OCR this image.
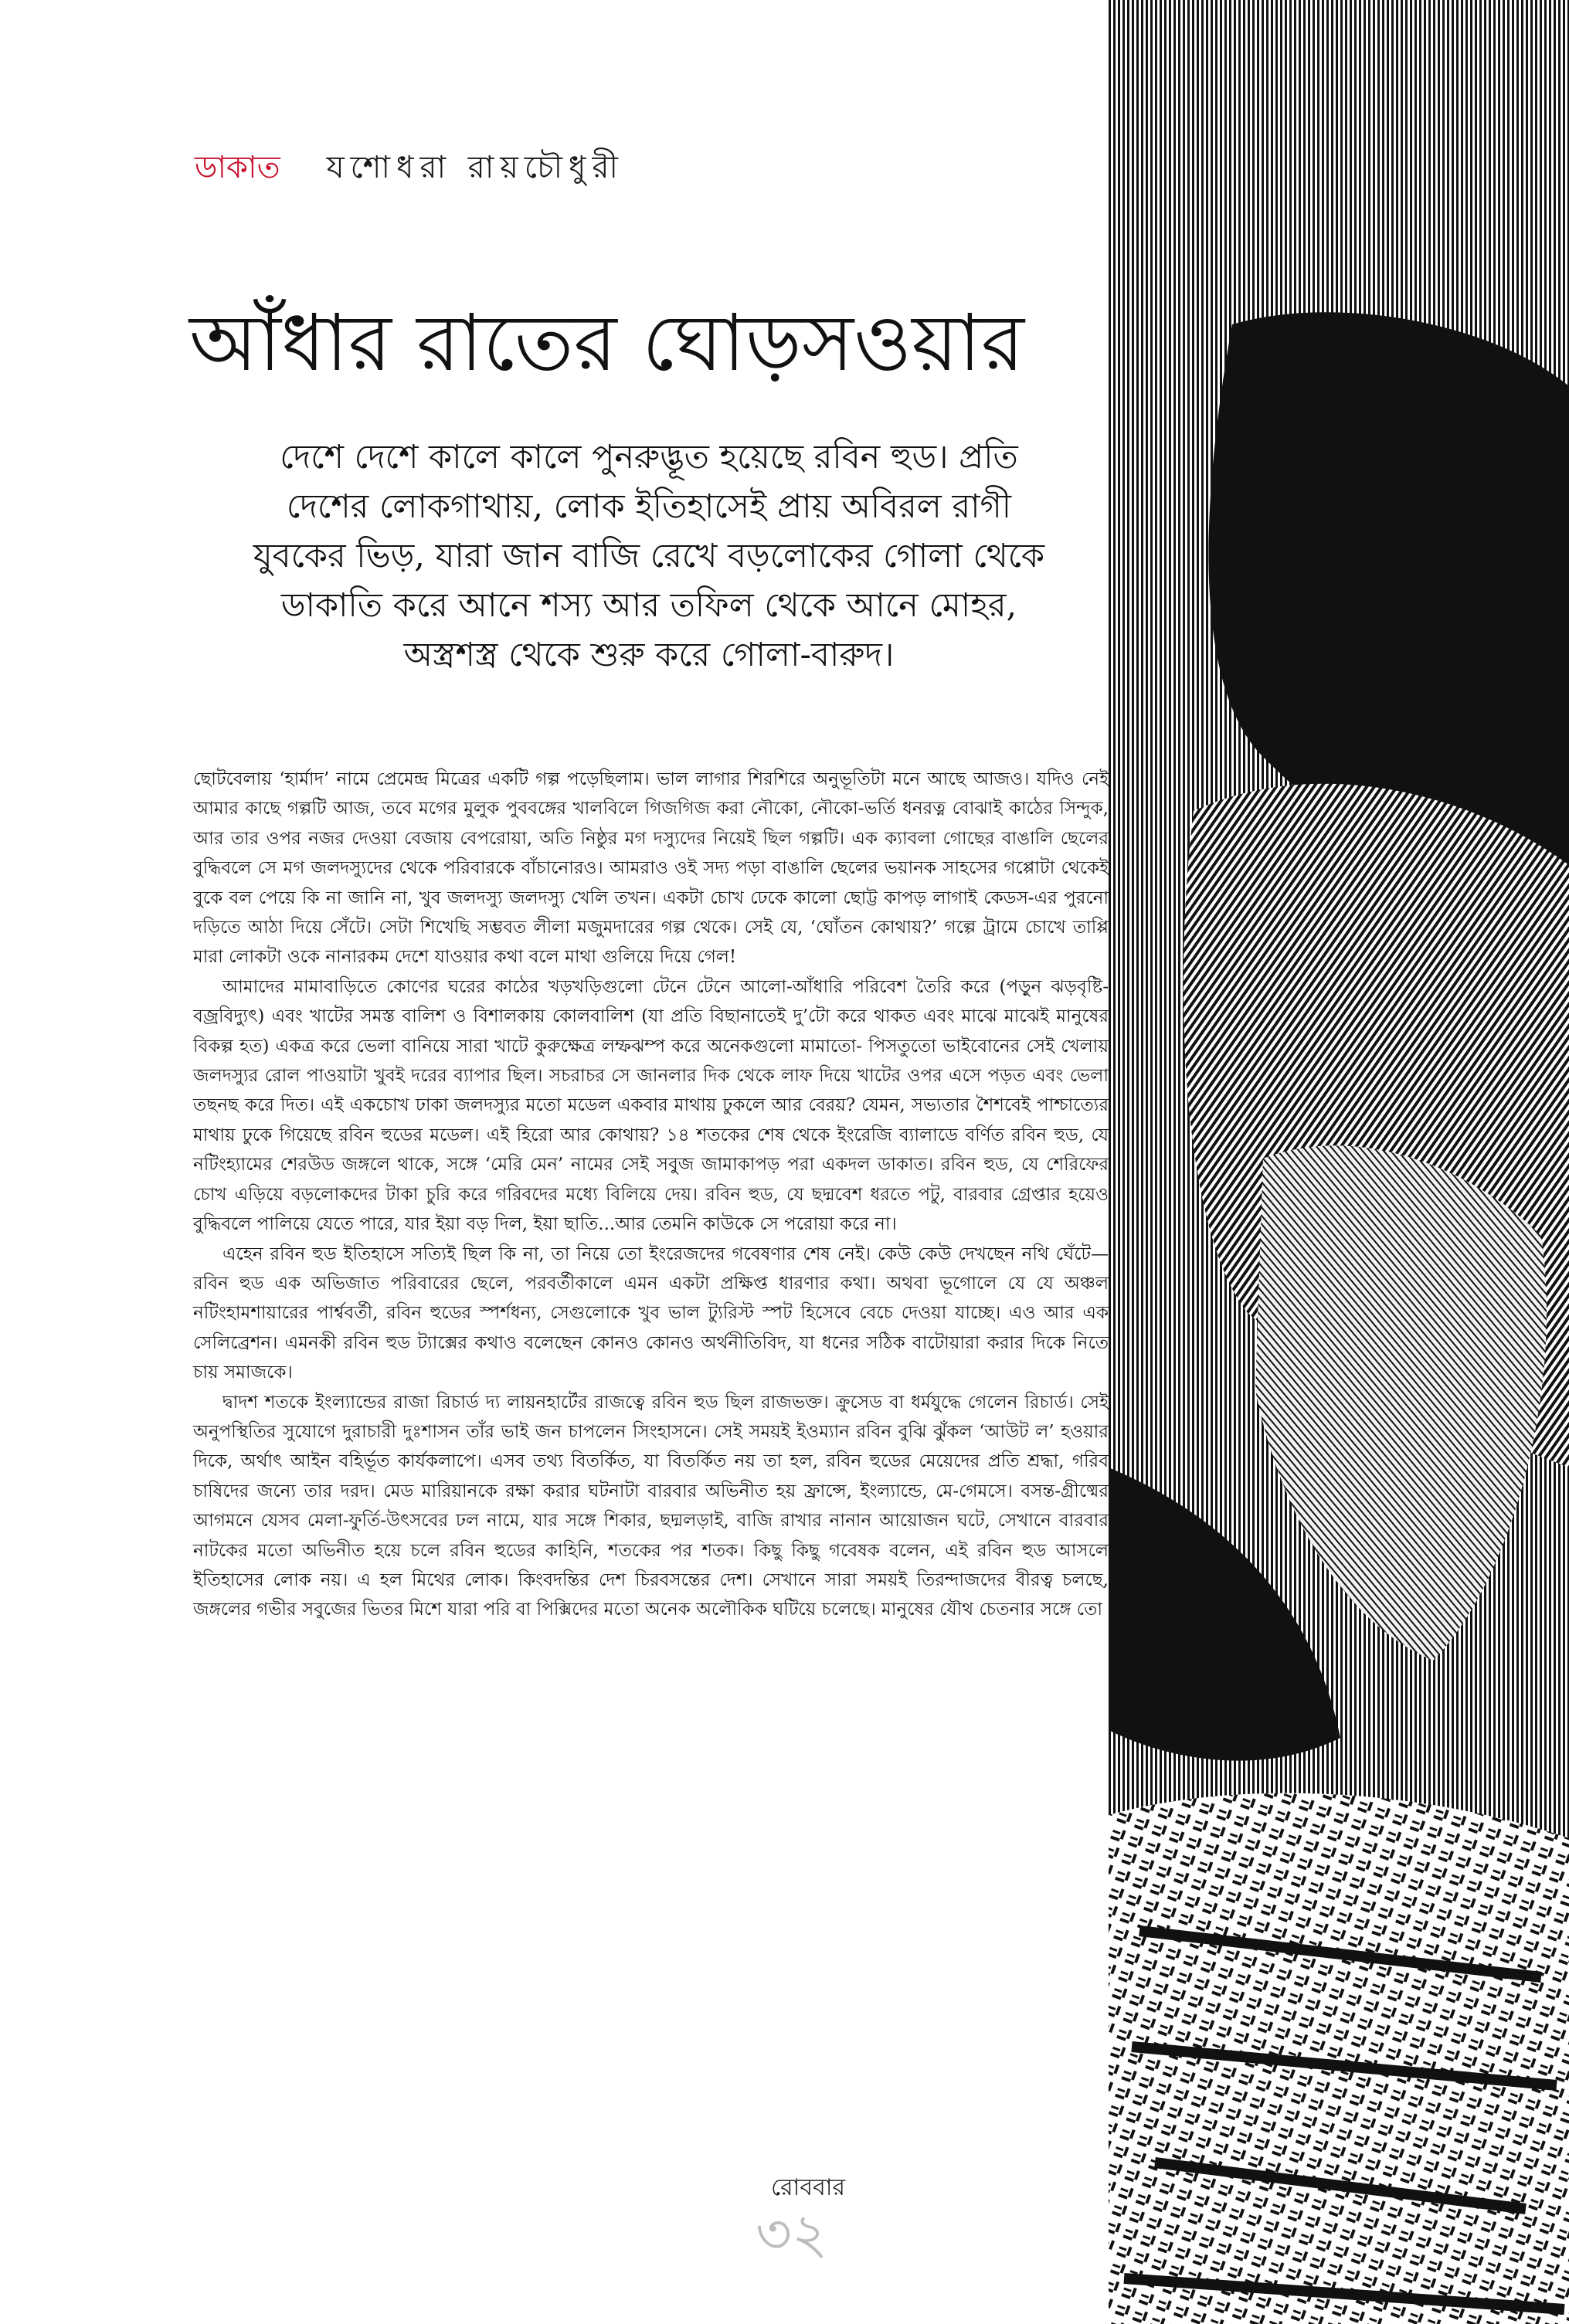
ডাকাত যশোধরা রায়চৌধুরী
আঁধার রাতের ঘোড়সওয়ার
দেশে দেশে কালে কালে পুনরুদ্ভূত হয়েছে রবিন হুড। প্রতি
দেশের লোকগাথায়, লোক ইতিহাসেই প্রায় অবিরল রাগী
যুবকের ভিড়, যারা জান বাজি রেখে বড়লোকের গোলা থেকে
ডাকাতি করে আনে শস্য আর তফিল থেকে আনে মোহর,
অস্ত্রশস্ত্র থেকে শুরু করে গোলা-বারুদ।

ছোটবেলায় ‘হার্মাদ’ নামে প্রেমেন্দ্র মিত্রের একটি গল্প পড়েছিলাম। ভাল লাগার শিরশিরে অনুভূতিটা মনে আছে আজও। যদিও নেই আমার কাছে গল্পটি আজ, তবে মগের মুলুক পুববঙ্গের খালবিলে গিজগিজ করা নৌকো, নৌকো-ভর্তি ধনরত্ন বোঝাই কাঠের সিন্দুক, আর তার ওপর নজর দেওয়া বেজায় বেপরোয়া, অতি নিষ্ঠুর মগ দস্যুদের নিয়েই ছিল গল্পটি। এক ক্যাবলা গোছের বাঙালি ছেলের বুদ্ধিবলে সে মগ জলদস্যুদের থেকে পরিবারকে বাঁচানোরও। আমরাও ওই সদ্য পড়া বাঙালি ছেলের ভয়ানক সাহসের গপ্পোটা থেকেই বুকে বল পেয়ে কি না জানি না, খুব জলদস্যু জলদস্যু খেলি তখন। একটা চোখ ঢেকে কালো ছোট্ট কাপড় লাগাই কেডস-এর পুরনো দড়িতে আঠা দিয়ে সেঁটে। সেটা শিখেছি সম্ভবত লীলা মজুমদারের গল্প থেকে। সেই যে, ‘ঘোঁতন কোথায়?’ গল্পে ট্রামে চোখে তাপ্পি মারা লোকটা ওকে নানারকম দেশে যাওয়ার কথা বলে মাথা গুলিয়ে দিয়ে গেল!

আমাদের মামাবাড়িতে কোণের ঘরের কাঠের খড়খড়িগুলো টেনে টেনে আলো-আঁধারি পরিবেশ তৈরি করে (পড়ুন ঝড়বৃষ্টি-বজ্রবিদ্যুৎ) এবং খাটের সমস্ত বালিশ ও বিশালকায় কোলবালিশ (যা প্রতি বিছানাতেই দু’টো করে থাকত এবং মাঝে মাঝেই মানুষের বিকল্প হত) একত্র করে ভেলা বানিয়ে সারা খাটে কুরুক্ষেত্র লম্ফঝম্প করে অনেকগুলো মামাতো- পিসতুতো ভাইবোনের সেই খেলায় জলদস্যুর রোল পাওয়াটা খুবই দরের ব্যাপার ছিল। সচরাচর সে জানলার দিক থেকে লাফ দিয়ে খাটের ওপর এসে পড়ত এবং ভেলা তছনছ করে দিত। এই একচোখ ঢাকা জলদস্যুর মতো মডেল একবার মাথায় ঢুকলে আর বেরয়? যেমন, সভ্যতার শৈশবেই পাশ্চাত্যের মাথায় ঢুকে গিয়েছে রবিন হুডের মডেল। এই হিরো আর কোথায়? ১৪ শতকের শেষ থেকে ইংরেজি ব্যালাডে বর্ণিত রবিন হুড, যে নটিংহ্যামের শেরউড জঙ্গলে থাকে, সঙ্গে ‘মেরি মেন’ নামের সেই সবুজ জামাকাপড় পরা একদল ডাকাত। রবিন হুড, যে শেরিফের চোখ এড়িয়ে বড়লোকদের টাকা চুরি করে গরিবদের মধ্যে বিলিয়ে দেয়। রবিন হুড, যে ছদ্মবেশ ধরতে পটু, বারবার গ্রেপ্তার হয়েও বুদ্ধিবলে পালিয়ে যেতে পারে, যার ইয়া বড় দিল, ইয়া ছাতি...আর তেমনি কাউকে সে পরোয়া করে না।

এহেন রবিন হুড ইতিহাসে সত্যিই ছিল কি না, তা নিয়ে তো ইংরেজদের গবেষণার শেষ নেই। কেউ কেউ দেখছেন নথি ঘেঁটে—রবিন হুড এক অভিজাত পরিবারের ছেলে, পরবর্তীকালে এমন একটা প্রক্ষিপ্ত ধারণার কথা। অথবা ভূগোলে যে যে অঞ্চল নটিংহামশায়ারের পার্শ্ববর্তী, রবিন হুডের স্পর্শধন্য, সেগুলোকে খুব ভাল ট্যুরিস্ট স্পট হিসেবে বেচে দেওয়া যাচ্ছে। এও আর এক সেলিব্রেশন। এমনকী রবিন হুড ট্যাক্সের কথাও বলেছেন কোনও কোনও অর্থনীতিবিদ, যা ধনের সঠিক বাটোয়ারা করার দিকে নিতে চায় সমাজকে।

দ্বাদশ শতকে ইংল্যান্ডের রাজা রিচার্ড দ্য লায়নহার্টের রাজত্বে রবিন হুড ছিল রাজভক্ত। ক্রুসেড বা ধর্মযুদ্ধে গেলেন রিচার্ড। সেই অনুপস্থিতির সুযোগে দুরাচারী দুঃশাসন তাঁর ভাই জন চাপলেন সিংহাসনে। সেই সময়ই ইওম্যান রবিন বুঝি ঝুঁকল ‘আউট ল’ হওয়ার দিকে, অর্থাৎ আইন বহির্ভূত কার্যকলাপে। এসব তথ্য বিতর্কিত, যা বিতর্কিত নয় তা হল, রবিন হুডের মেয়েদের প্রতি শ্রদ্ধা, গরিব চাষিদের জন্যে তার দরদ। মেড মারিয়ানকে রক্ষা করার ঘটনাটা বারবার অভিনীত হয় ফ্রান্সে, ইংল্যান্ডে, মে-গেমসে। বসন্ত-গ্রীষ্মের আগমনে যেসব মেলা-ফুর্তি-উৎসবের ঢল নামে, যার সঙ্গে শিকার, ছদ্মলড়াই, বাজি রাখার নানান আয়োজন ঘটে, সেখানে বারবার নাটকের মতো অভিনীত হয়ে চলে রবিন হুডের কাহিনি, শতকের পর শতক। কিছু কিছু গবেষক বলেন, এই রবিন হুড আসলে ইতিহাসের লোক নয়। এ হল মিথের লোক। কিংবদন্তির দেশ চিরবসন্তের দেশ। সেখানে সারা সময়ই তিরন্দাজদের বীরত্ব চলছে, জঙ্গলের গভীর সবুজের ভিতর মিশে যারা পরি বা পিক্সিদের মতো অনেক অলৌকিক ঘটিয়ে চলেছে। মানুষের যৌথ চেতনার সঙ্গে তো

রোববার
৩২
